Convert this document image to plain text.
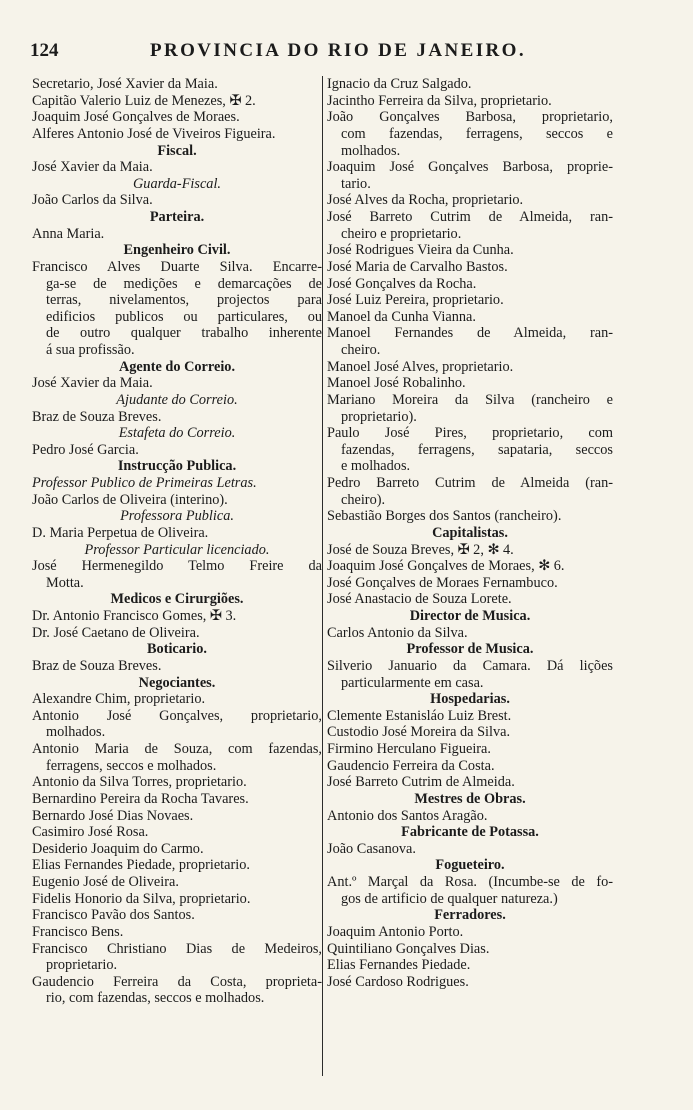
124	PROVINCIA DO RIO DE JANEIRO.
Secretario, José Xavier da Maia.
Capitão Valerio Luiz de Menezes, ✠ 2.
Joaquim José Gonçalves de Moraes.
Alferes Antonio José de Viveiros Figueira.
Fiscal.
José Xavier da Maia.
Guarda-Fiscal.
João Carlos da Silva.
Parteira.
Anna Maria.
Engenheiro Civil.
Francisco Alves Duarte Silva. Encarre-
ga-se de medições e demarcações de
terras, nivelamentos, projectos para
edificios publicos ou particulares, ou
de outro qualquer trabalho inherente
á sua profissão.
Agente do Correio.
José Xavier da Maia.
Ajudante do Correio.
Braz de Souza Breves.
Estafeta do Correio.
Pedro José Garcia.
Instrucção Publica.
Professor Publico de Primeiras Letras.
João Carlos de Oliveira (interino).
Professora Publica.
D. Maria Perpetua de Oliveira.
Professor Particular licenciado.
José Hermenegildo Telmo Freire da
Motta.
Medicos e Cirurgiões.
Dr. Antonio Francisco Gomes, ✠ 3.
Dr. José Caetano de Oliveira.
Boticario.
Braz de Souza Breves.
Negociantes.
Alexandre Chim, proprietario.
Antonio José Gonçalves, proprietario,
molhados.
Antonio Maria de Souza, com fazendas,
ferragens, seccos e molhados.
Antonio da Silva Torres, proprietario.
Bernardino Pereira da Rocha Tavares.
Bernardo José Dias Novaes.
Casimiro José Rosa.
Desiderio Joaquim do Carmo.
Elias Fernandes Piedade, proprietario.
Eugenio José de Oliveira.
Fidelis Honorio da Silva, proprietario.
Francisco Pavão dos Santos.
Francisco Bens.
Francisco Christiano Dias de Medeiros,
proprietario.
Gaudencio Ferreira da Costa, proprieta-
rio, com fazendas, seccos e molhados.
Ignacio da Cruz Salgado.
Jacintho Ferreira da Silva, proprietario.
João Gonçalves Barbosa, proprietario,
com fazendas, ferragens, seccos e
molhados.
Joaquim José Gonçalves Barbosa, proprie-
tario.
José Alves da Rocha, proprietario.
José Barreto Cutrim de Almeida, ran-
cheiro e proprietario.
José Rodrigues Vieira da Cunha.
José Maria de Carvalho Bastos.
José Gonçalves da Rocha.
José Luiz Pereira, proprietario.
Manoel da Cunha Vianna.
Manoel Fernandes de Almeida, ran-
cheiro.
Manoel José Alves, proprietario.
Manoel José Robalinho.
Mariano Moreira da Silva (rancheiro e
proprietario).
Paulo José Pires, proprietario, com
fazendas, ferragens, sapataria, seccos
e molhados.
Pedro Barreto Cutrim de Almeida (ran-
cheiro).
Sebastião Borges dos Santos (rancheiro).
Capitalistas.
José de Souza Breves, ✠ 2, ✻ 4.
Joaquim José Gonçalves de Moraes, ✻ 6.
José Gonçalves de Moraes Fernambuco.
José Anastacio de Souza Lorete.
Director de Musica.
Carlos Antonio da Silva.
Professor de Musica.
Silverio Januario da Camara. Dá lições
particularmente em casa.
Hospedarias.
Clemente Estanisláo Luiz Brest.
Custodio José Moreira da Silva.
Firmino Herculano Figueira.
Gaudencio Ferreira da Costa.
José Barreto Cutrim de Almeida.
Mestres de Obras.
Antonio dos Santos Aragão.
Fabricante de Potassa.
João Casanova.
Fogueteiro.
Ant.º Marçal da Rosa. (Incumbe-se de fo-
gos de artificio de qualquer natureza.)
Ferradores.
Joaquim Antonio Porto.
Quintiliano Gonçalves Dias.
Elias Fernandes Piedade.
José Cardoso Rodrigues.
